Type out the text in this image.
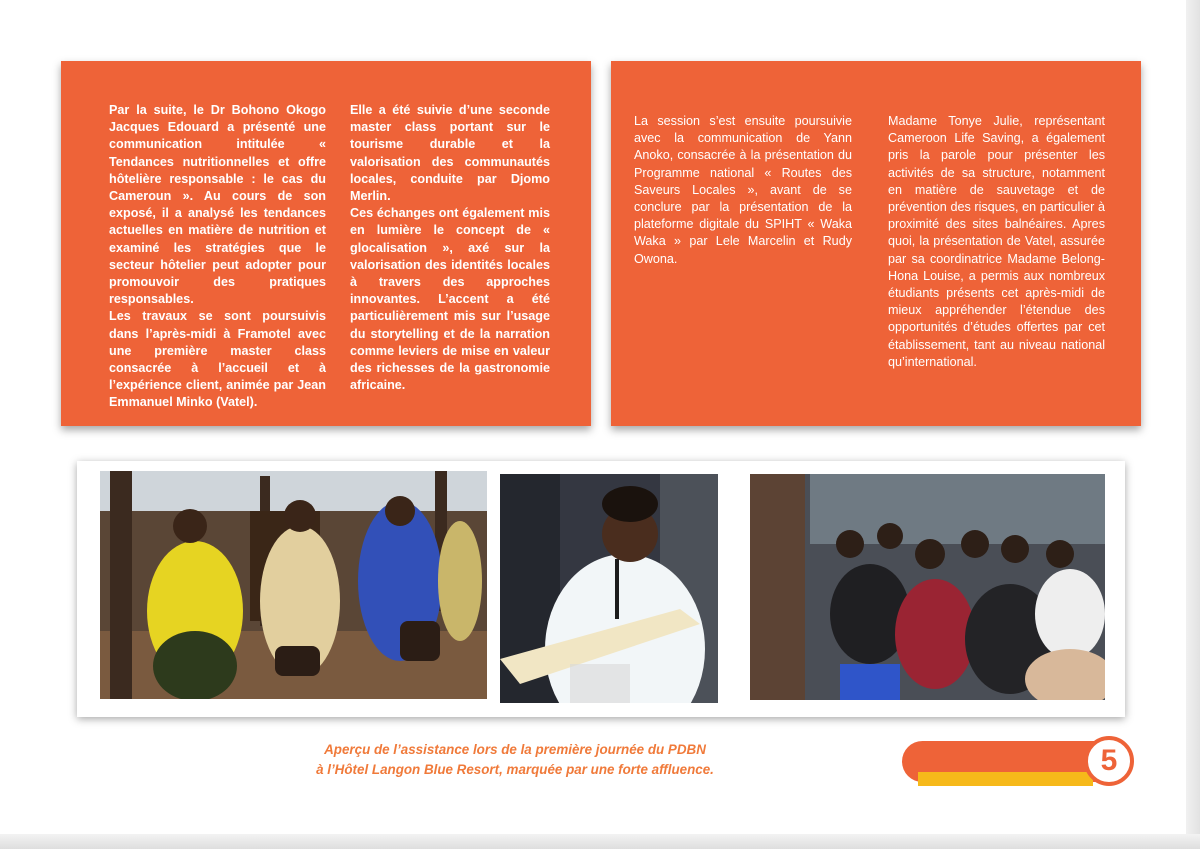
Par la suite, le Dr Bohono Okogo Jacques Edouard a présenté une communication intitulée « Tendances nutritionnelles et offre hôtelière responsable : le cas du Cameroun ». Au cours de son exposé, il a analysé les tendances actuelles en matière de nutrition et examiné les stratégies que le secteur hôtelier peut adopter pour promouvoir des pratiques responsables.

Les travaux se sont poursuivis dans l’après-midi à Framotel avec une première master class consacrée à l’accueil et à l’expérience client, animée par Jean Emmanuel Minko (Vatel).

Elle a été suivie d’une seconde master class portant sur le tourisme durable et la valorisation des communautés locales, conduite par Djomo Merlin.

Ces échanges ont également mis en lumière le concept de « glocalisation », axé sur la valorisation des identités locales à travers des approches innovantes. L’accent a été particulièrement mis sur l’usage du storytelling et de la narration comme leviers de mise en valeur des richesses de la gastronomie africaine.

La session s’est ensuite poursuivie avec la communication de Yann Anoko, consacrée à la présentation du Programme national « Routes des Saveurs Locales », avant de se conclure par la présentation de la plateforme digitale du SPIHT « Waka Waka » par Lele Marcelin et Rudy Owona.

Madame Tonye Julie, représentant Cameroon Life Saving, a également pris la parole pour présenter les activités de sa structure, notamment en matière de sauvetage et de prévention des risques, en particulier à proximité des sites balnéaires. Apres quoi, la présentation de Vatel, assurée par sa coordinatrice Madame Belong-Hona Louise, a permis aux nombreux étudiants présents cet après-midi de mieux appréhender l’étendue des opportunités d’études offertes par cet établissement, tant au niveau national qu’international.

Aperçu de l’assistance lors de la première journée du PDBN
à l’Hôtel Langon Blue Resort, marquée par une forte affluence.	5
